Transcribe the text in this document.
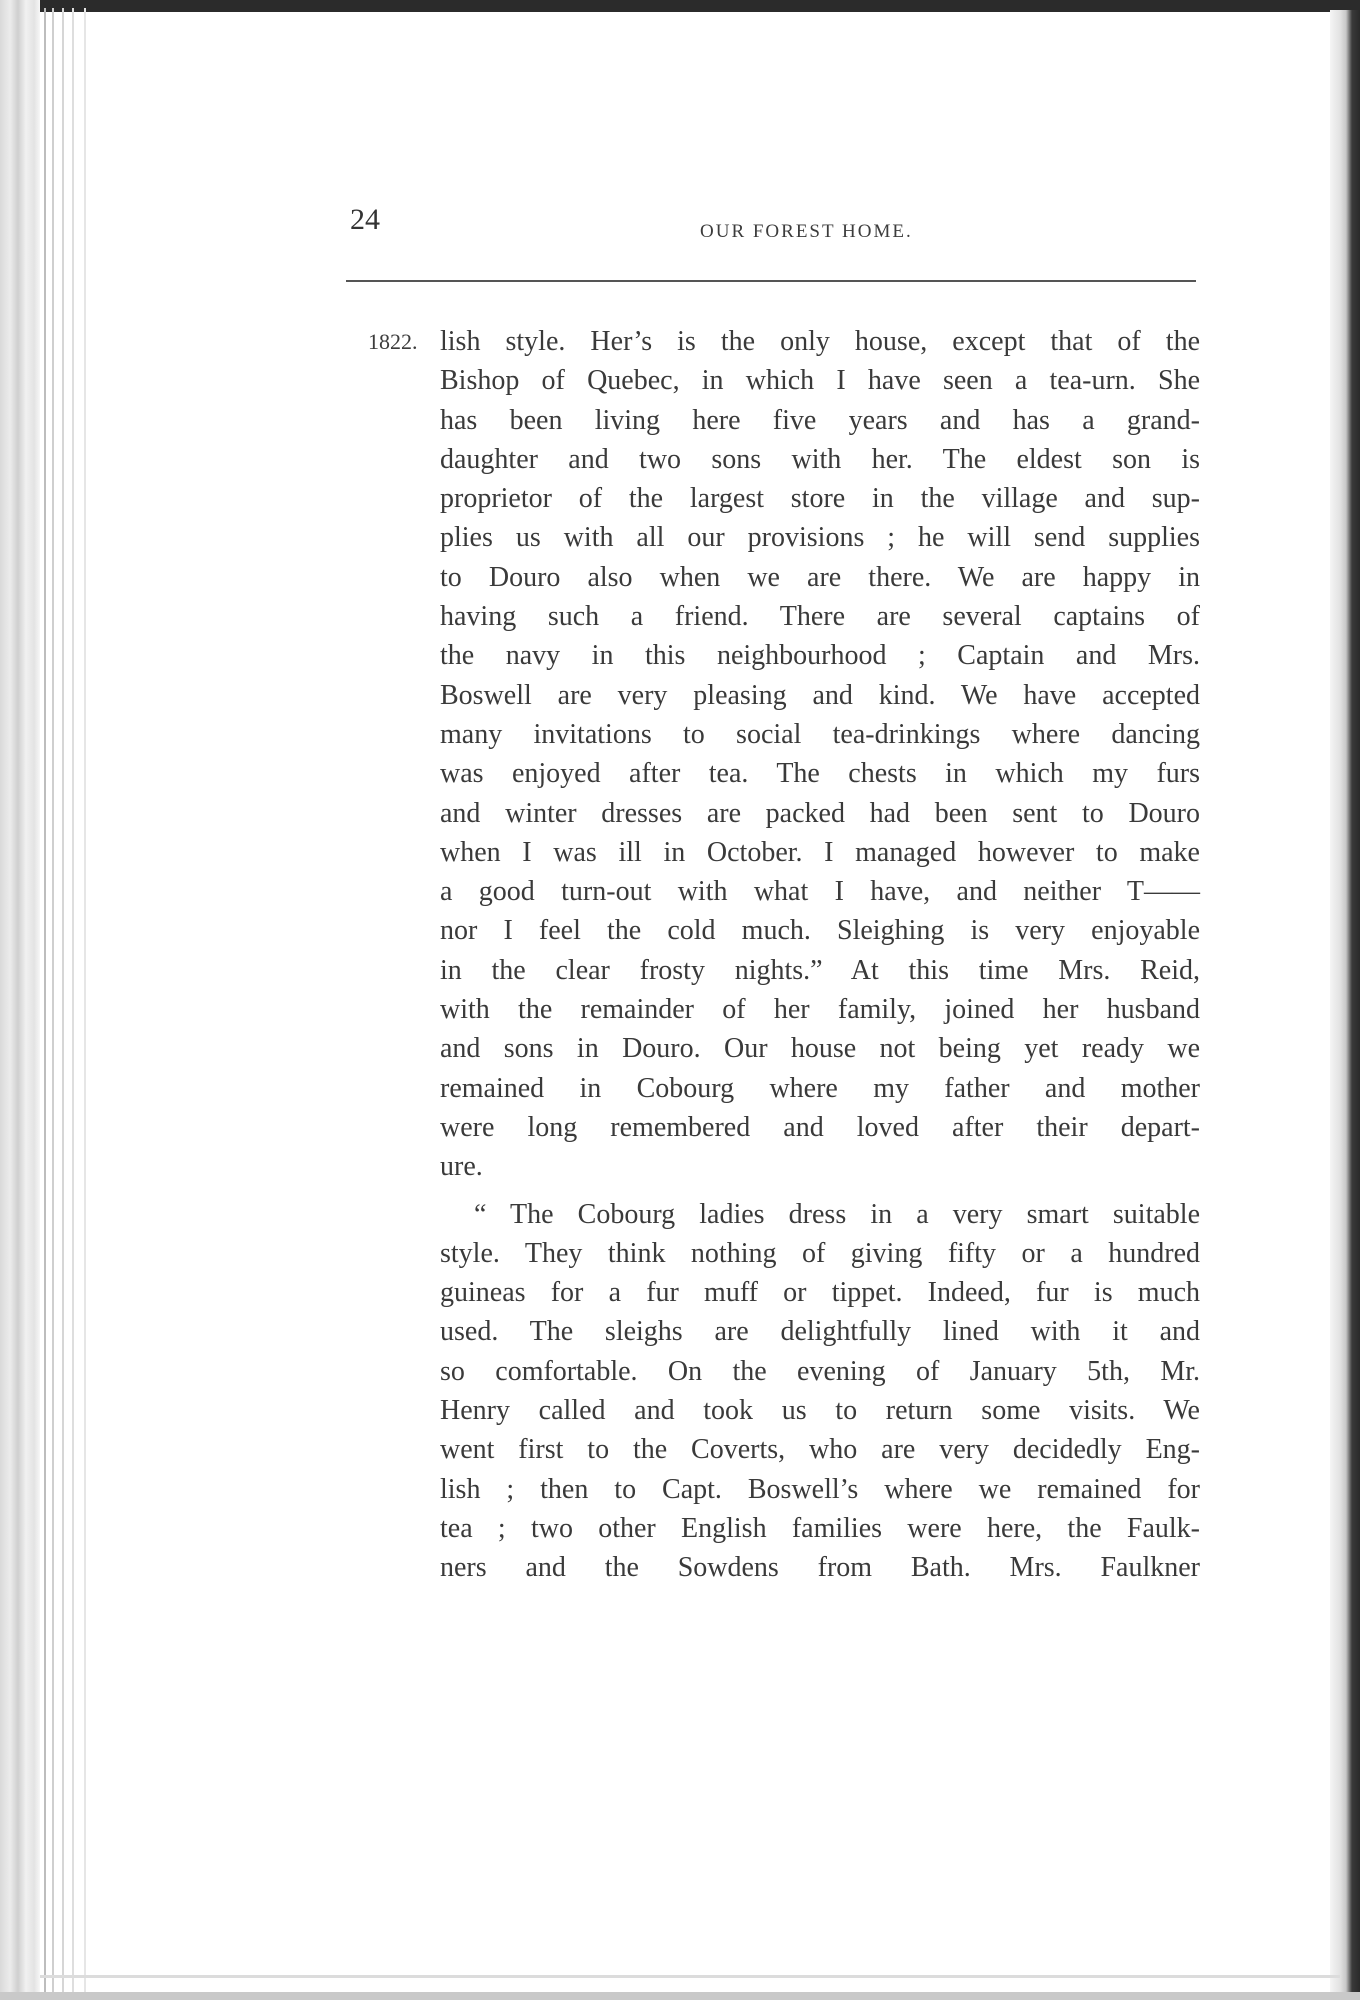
24	OUR FOREST HOME.
1822. lish style. Her’s is the only house, except that of the
Bishop of Quebec, in which I have seen a tea-urn. She
has been living here five years and has a grand-
daughter and two sons with her. The eldest son is
proprietor of the largest store in the village and sup-
plies us with all our provisions ; he will send supplies
to Douro also when we are there. We are happy in
having such a friend. There are several captains of
the navy in this neighbourhood ; Captain and Mrs.
Boswell are very pleasing and kind. We have accepted
many invitations to social tea-drinkings where dancing
was enjoyed after tea. The chests in which my furs
and winter dresses are packed had been sent to Douro
when I was ill in October. I managed however to make
a good turn-out with what I have, and neither T——
nor I feel the cold much. Sleighing is very enjoyable
in the clear frosty nights.” At this time Mrs. Reid,
with the remainder of her family, joined her husband
and sons in Douro. Our house not being yet ready we
remained in Cobourg where my father and mother
were long remembered and loved after their depart-
ure.
“ The Cobourg ladies dress in a very smart suitable
style. They think nothing of giving fifty or a hundred
guineas for a fur muff or tippet. Indeed, fur is much
used. The sleighs are delightfully lined with it and
so comfortable. On the evening of January 5th, Mr.
Henry called and took us to return some visits. We
went first to the Coverts, who are very decidedly Eng-
lish ; then to Capt. Boswell’s where we remained for
tea ; two other English families were here, the Faulk-
ners and the Sowdens from Bath. Mrs. Faulkner
